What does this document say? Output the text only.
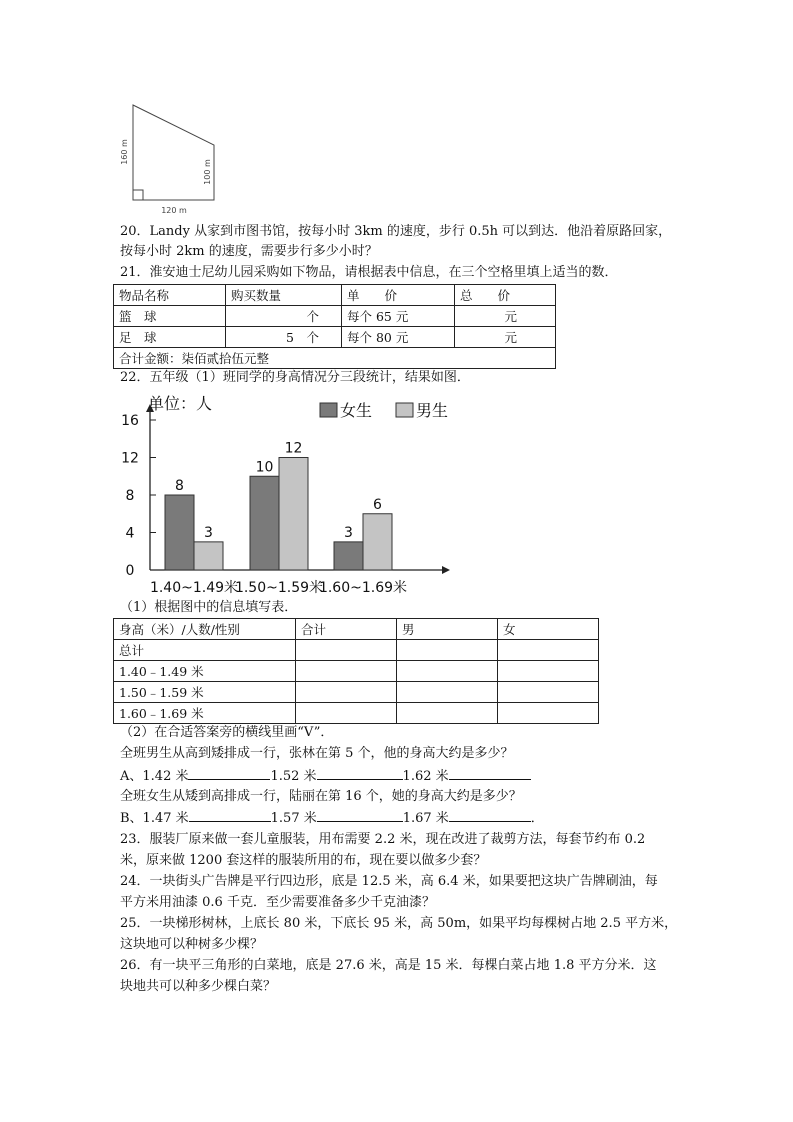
160 m
100 m
120 m
20．Landy 从家到市图书馆，按每小时 3km 的速度，步行 0.5h 可以到达．他沿着原路回家，
按每小时 2km 的速度，需要步行多少小时？
21．淮安迪士尼幼儿园采购如下物品，请根据表中信息，在三个空格里填上适当的数．
物品名称	购买数量	单　　价	总　　价
篮　球	个	每个 65 元	元
足　球	5　个	每个 80 元	元
合计金额：柒佰贰拾伍元整			
22．五年级（1）班同学的身高情况分三段统计，结果如图．
0
4
8
12
16
单位：人	女生	男生
8
3
1.40~1.49米
10
12
1.50~1.59米
3
6
1.60~1.69米
（1）根据图中的信息填写表．
身高（米）/人数/性别	合计	男	女
总计			
1.40﹣1.49 米			
1.50﹣1.59 米			
1.60﹣1.69 米			
（2）在合适答案旁的横线里画“V”．
全班男生从高到矮排成一行，张林在第 5 个，他的身高大约是多少？
A、1.42 米	1.52 米	1.62 米
全班女生从矮到高排成一行，陆丽在第 16 个，她的身高大约是多少？
B、1.47 米	1.57 米	1.67 米	．
23．服装厂原来做一套儿童服装，用布需要 2.2 米，现在改进了裁剪方法，每套节约布 0.2
米，原来做 1200 套这样的服装所用的布，现在要以做多少套？
24．一块街头广告牌是平行四边形，底是 12.5 米，高 6.4 米，如果要把这块广告牌刷油，每
平方米用油漆 0.6 千克．至少需要准备多少千克油漆？
25．一块梯形树林，上底长 80 米，下底长 95 米，高 50m，如果平均每棵树占地 2.5 平方米，
这块地可以种树多少棵？
26．有一块平三角形的白菜地，底是 27.6 米，高是 15 米．每棵白菜占地 1.8 平方分米．这
块地共可以种多少棵白菜？
